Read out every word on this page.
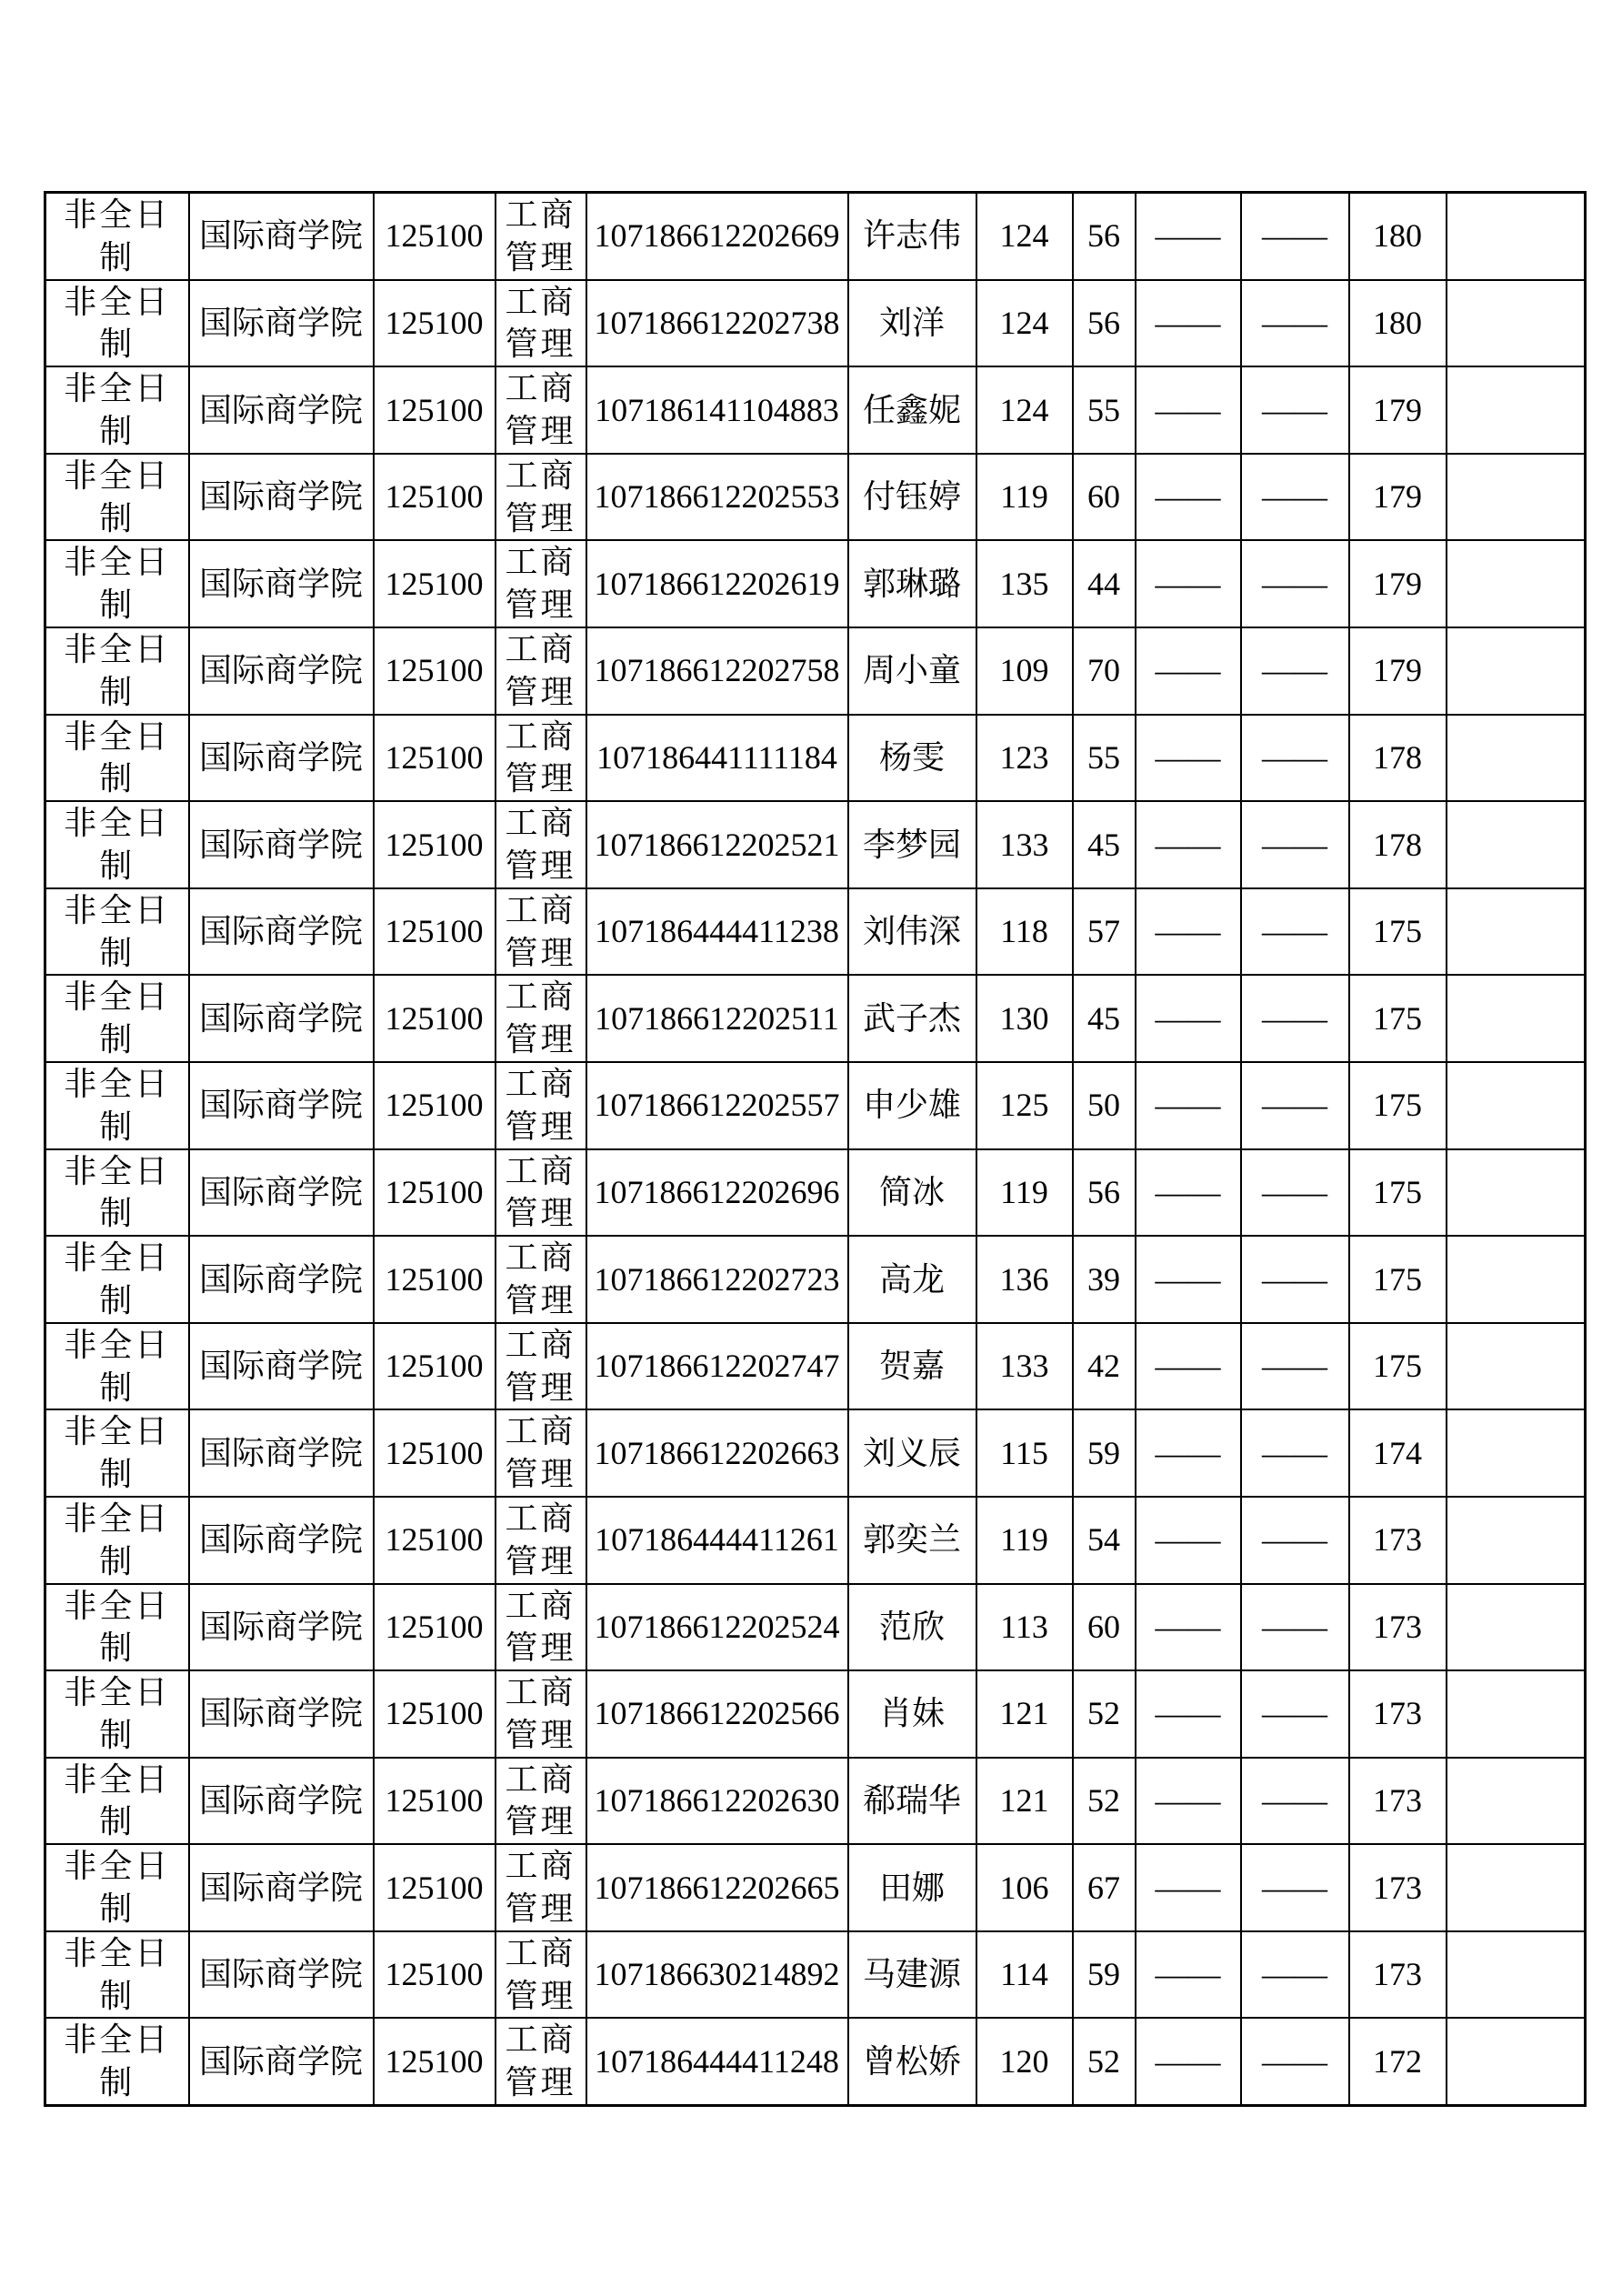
非全日制	国际商学院	125100	工商管理	107186612202669	许志伟	124	56	——	——	180	

非全日制	国际商学院	125100	工商管理	107186612202738	刘洋	124	56	——	——	180	

非全日制	国际商学院	125100	工商管理	107186141104883	任鑫妮	124	55	——	——	179	

非全日制	国际商学院	125100	工商管理	107186612202553	付钰婷	119	60	——	——	179	

非全日制	国际商学院	125100	工商管理	107186612202619	郭琳璐	135	44	——	——	179	

非全日制	国际商学院	125100	工商管理	107186612202758	周小童	109	70	——	——	179	

非全日制	国际商学院	125100	工商管理	107186441111184	杨雯	123	55	——	——	178	

非全日制	国际商学院	125100	工商管理	107186612202521	李梦园	133	45	——	——	178	

非全日制	国际商学院	125100	工商管理	107186444411238	刘伟深	118	57	——	——	175	

非全日制	国际商学院	125100	工商管理	107186612202511	武子杰	130	45	——	——	175	

非全日制	国际商学院	125100	工商管理	107186612202557	申少雄	125	50	——	——	175	

非全日制	国际商学院	125100	工商管理	107186612202696	简冰	119	56	——	——	175	

非全日制	国际商学院	125100	工商管理	107186612202723	高龙	136	39	——	——	175	

非全日制	国际商学院	125100	工商管理	107186612202747	贺嘉	133	42	——	——	175	

非全日制	国际商学院	125100	工商管理	107186612202663	刘义辰	115	59	——	——	174	

非全日制	国际商学院	125100	工商管理	107186444411261	郭奕兰	119	54	——	——	173	

非全日制	国际商学院	125100	工商管理	107186612202524	范欣	113	60	——	——	173	

非全日制	国际商学院	125100	工商管理	107186612202566	肖妹	121	52	——	——	173	

非全日制	国际商学院	125100	工商管理	107186612202630	郗瑞华	121	52	——	——	173	

非全日制	国际商学院	125100	工商管理	107186612202665	田娜	106	67	——	——	173	

非全日制	国际商学院	125100	工商管理	107186630214892	马建源	114	59	——	——	173	

非全日制	国际商学院	125100	工商管理	107186444411248	曾松娇	120	52	——	——	172	
